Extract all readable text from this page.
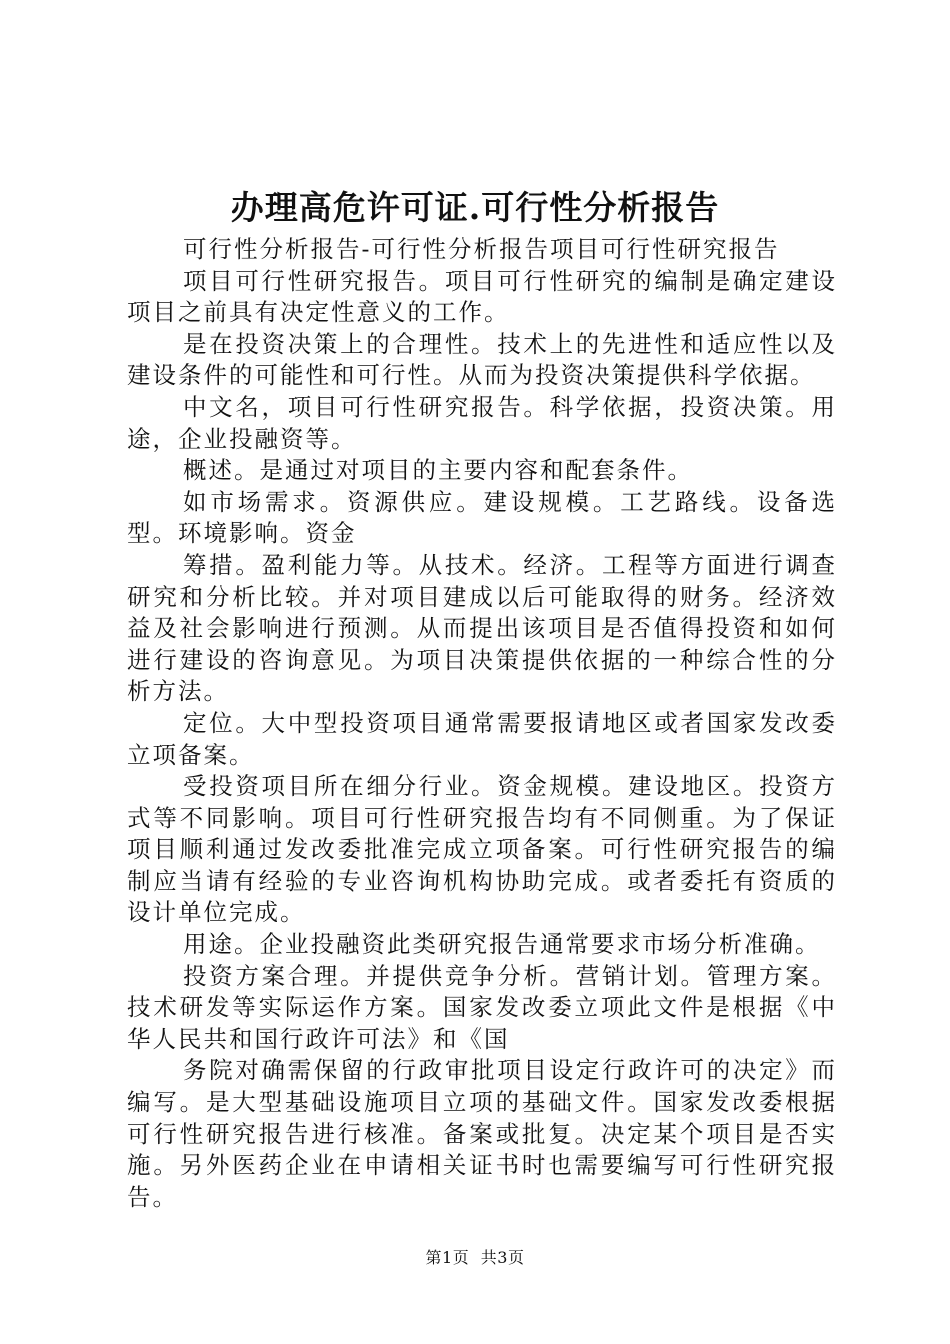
办理高危许可证.可行性分析报告

可行性分析报告-可行性分析报告项目可行性研究报告

项目可行性研究报告。项目可行性研究的编制是确定建设项目之前具有决定性意义的工作。

是在投资决策上的合理性。技术上的先进性和适应性以及建设条件的可能性和可行性。从而为投资决策提供科学依据。

中文名，项目可行性研究报告。科学依据，投资决策。用途，企业投融资等。

概述。是通过对项目的主要内容和配套条件。

如市场需求。资源供应。建设规模。工艺路线。设备选型。环境影响。资金

筹措。盈利能力等。从技术。经济。工程等方面进行调查研究和分析比较。并对项目建成以后可能取得的财务。经济效益及社会影响进行预测。从而提出该项目是否值得投资和如何进行建设的咨询意见。为项目决策提供依据的一种综合性的分析方法。

定位。大中型投资项目通常需要报请地区或者国家发改委立项备案。

受投资项目所在细分行业。资金规模。建设地区。投资方式等不同影响。项目可行性研究报告均有不同侧重。为了保证项目顺利通过发改委批准完成立项备案。可行性研究报告的编制应当请有经验的专业咨询机构协助完成。或者委托有资质的设计单位完成。

用途。企业投融资此类研究报告通常要求市场分析准确。

投资方案合理。并提供竞争分析。营销计划。管理方案。技术研发等实际运作方案。国家发改委立项此文件是根据《中华人民共和国行政许可法》和《国

务院对确需保留的行政审批项目设定行政许可的决定》而编写。是大型基础设施项目立项的基础文件。国家发改委根据可行性研究报告进行核准。备案或批复。决定某个项目是否实施。另外医药企业在申请相关证书时也需要编写可行性研究报告。

第1页 共3页
